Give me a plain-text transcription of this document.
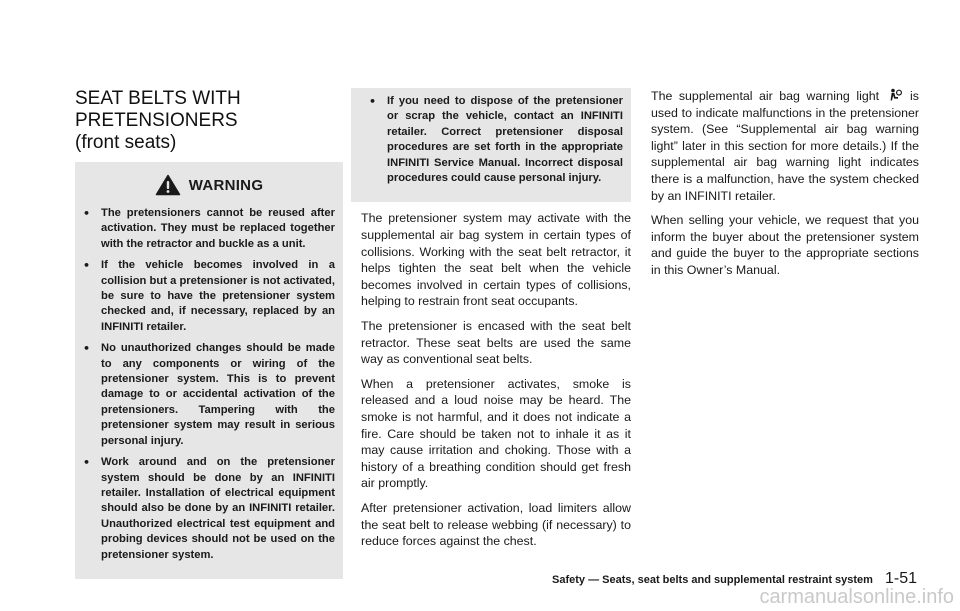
SEAT BELTS WITH PRETENSIONERS
(front seats)
WARNING
• The pretensioners cannot be reused after activation. They must be replaced together with the retractor and buckle as a unit.
• If the vehicle becomes involved in a collision but a pretensioner is not activated, be sure to have the pretensioner system checked and, if necessary, replaced by an INFINITI retailer.
• No unauthorized changes should be made to any components or wiring of the pretensioner system. This is to prevent damage to or accidental activation of the pretensioners. Tampering with the pretensioner system may result in serious personal injury.
• Work around and on the pretensioner system should be done by an INFINITI retailer. Installation of electrical equipment should also be done by an INFINITI retailer. Unauthorized electrical test equipment and probing devices should not be used on the pretensioner system.
• If you need to dispose of the pretensioner or scrap the vehicle, contact an INFINITI retailer. Correct pretensioner disposal procedures are set forth in the appropriate INFINITI Service Manual. Incorrect disposal procedures could cause personal injury.

The pretensioner system may activate with the supplemental air bag system in certain types of collisions. Working with the seat belt retractor, it helps tighten the seat belt when the vehicle becomes involved in certain types of collisions, helping to restrain front seat occupants.

The pretensioner is encased with the seat belt retractor. These seat belts are used the same way as conventional seat belts.

When a pretensioner activates, smoke is released and a loud noise may be heard. The smoke is not harmful, and it does not indicate a fire. Care should be taken not to inhale it as it may cause irritation and choking. Those with a history of a breathing condition should get fresh air promptly.

After pretensioner activation, load limiters allow the seat belt to release webbing (if necessary) to reduce forces against the chest.

The supplemental air bag warning light	is used to indicate malfunctions in the pretensioner system. (See “Supplemental air bag warning light” later in this section for more details.) If the supplemental air bag warning light indicates there is a malfunction, have the system checked by an INFINITI retailer.

When selling your vehicle, we request that you inform the buyer about the pretensioner system and guide the buyer to the appropriate sections in this Owner’s Manual.

Safety — Seats, seat belts and supplemental restraint system 1-51
carmanualsonline.info
